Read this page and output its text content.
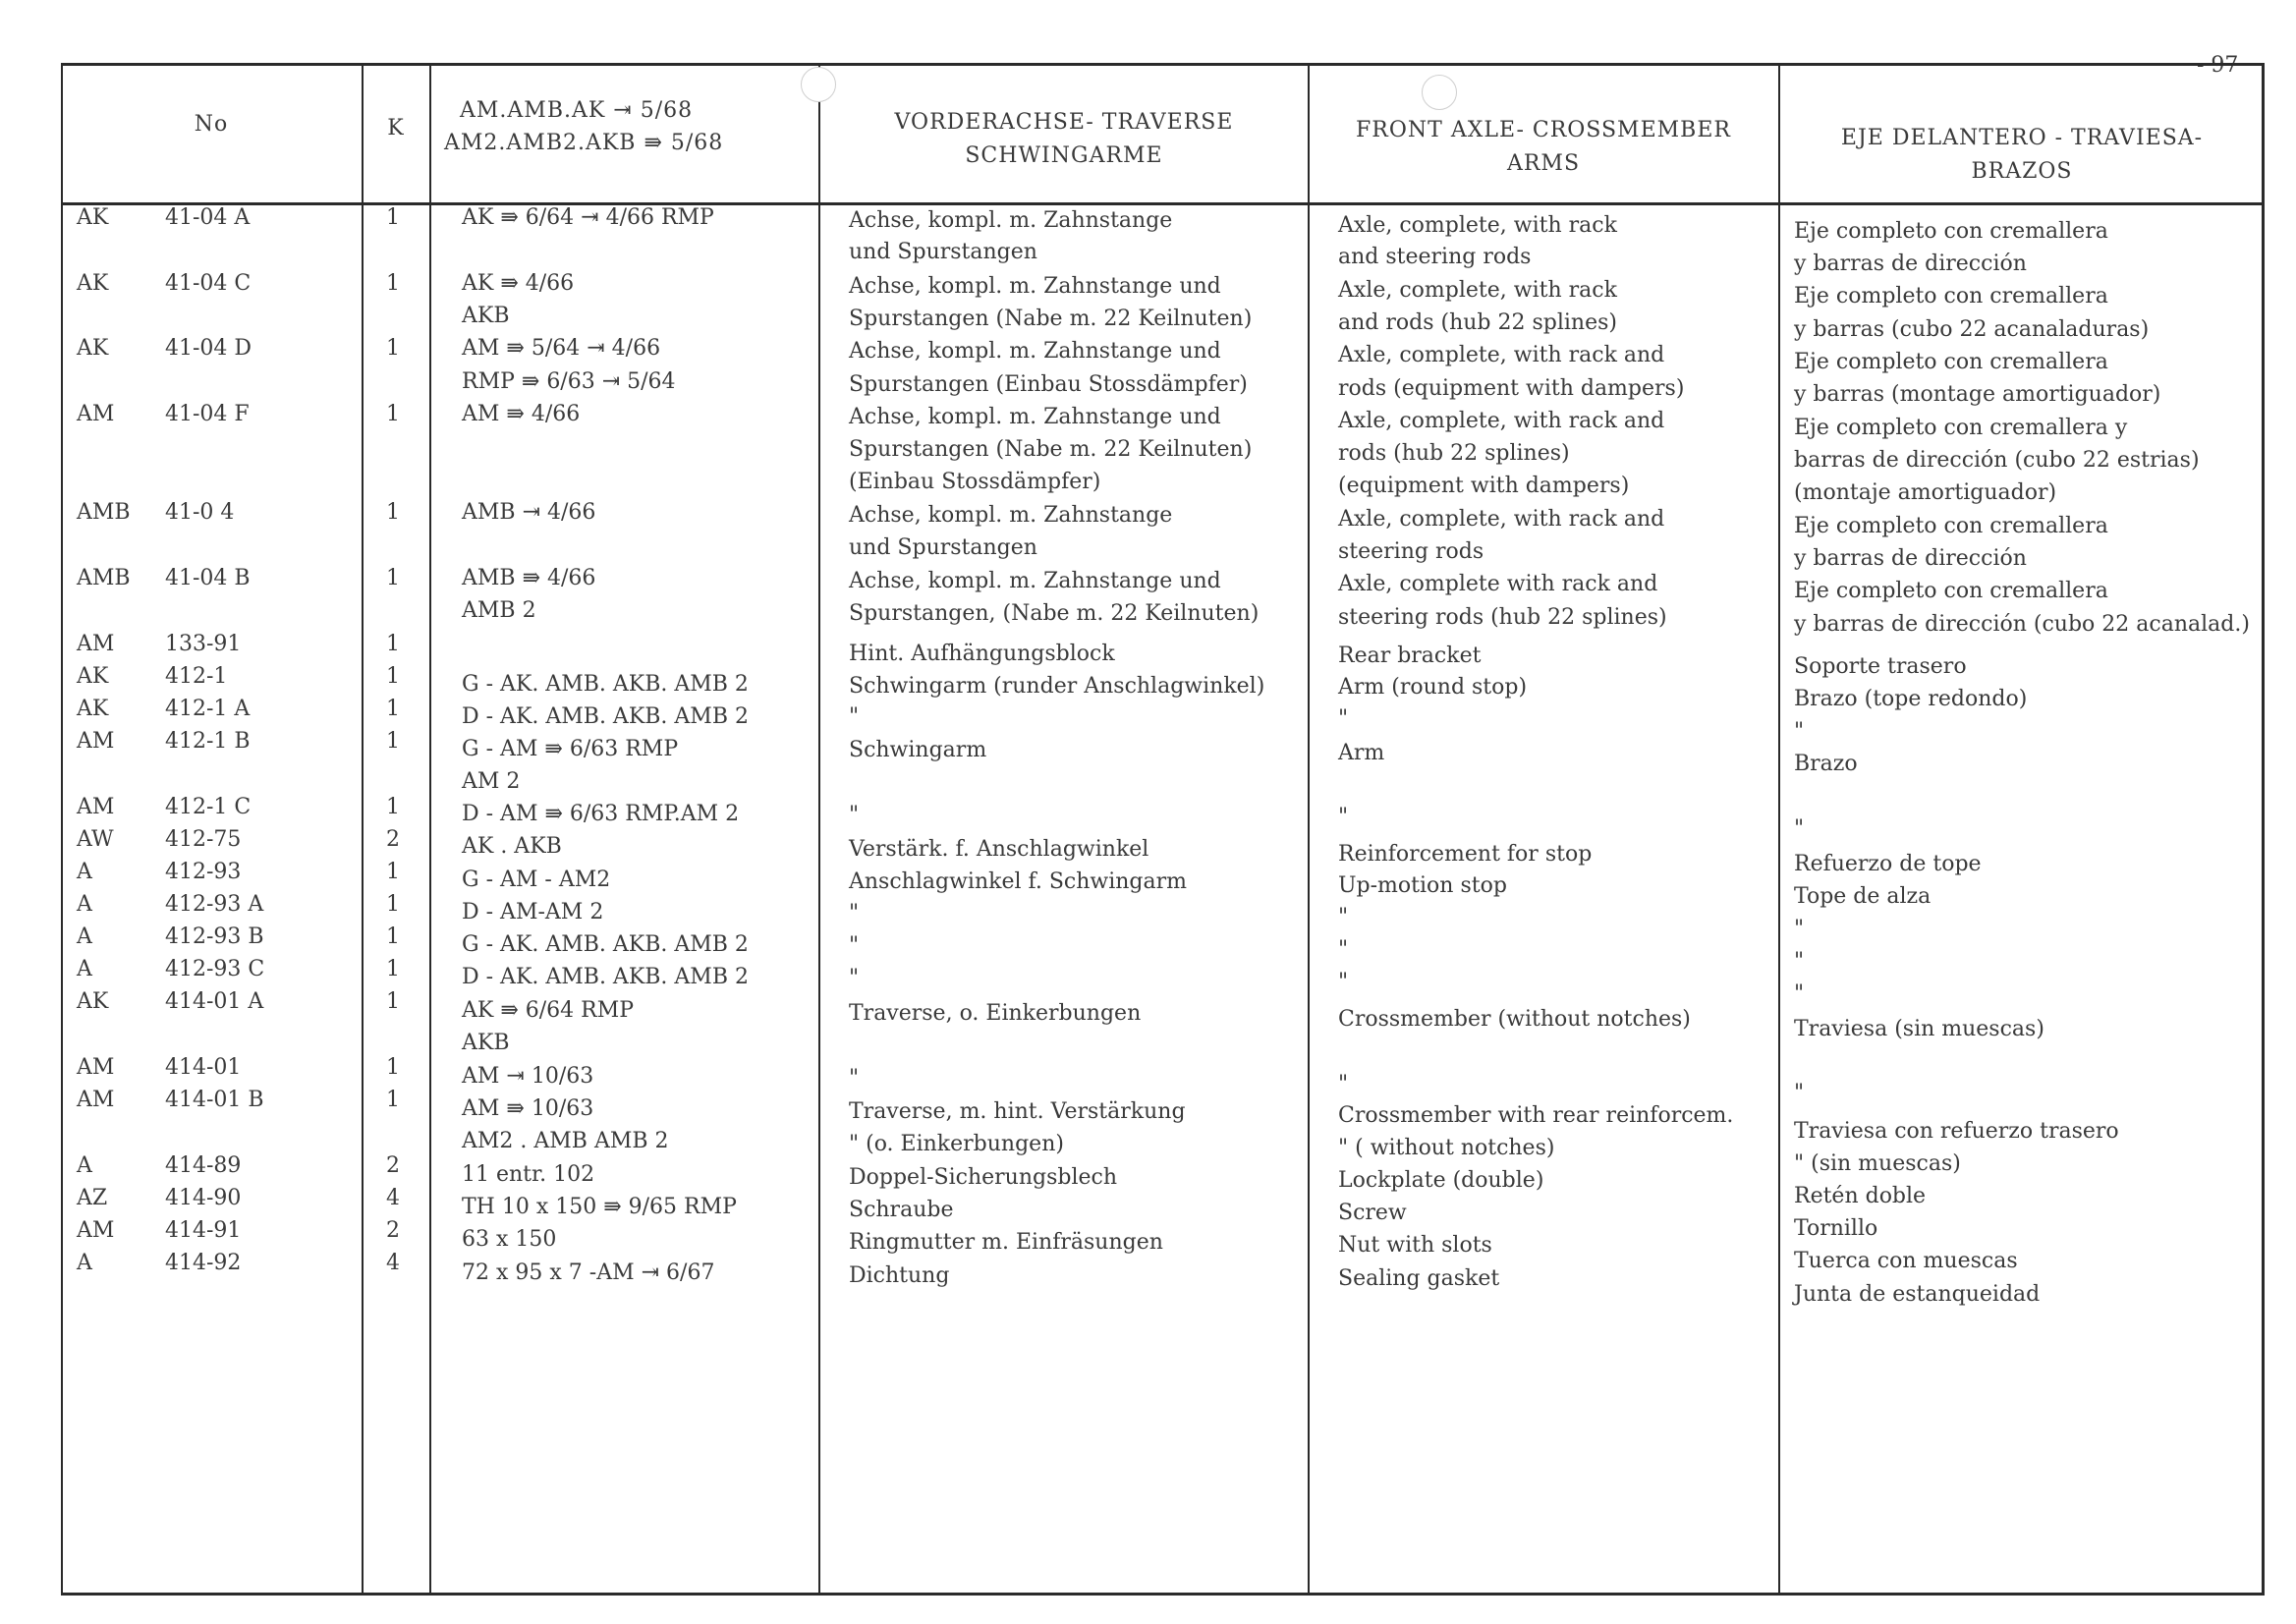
- 97
No	K
AM.AMB.AK ⇥ 5/68
AM2.AMB2.AKB ⇛ 5/68
VORDERACHSE- TRAVERSE
SCHWINGARME
FRONT AXLE- CROSSMEMBER
ARMS
EJE DELANTERO - TRAVIESA-
BRAZOS
AK
AK
AK
AM
AMB
AMB
AM
AK
AK
AM
AM
AW
A
A
A
A
AK
AM
AM
A
AZ
AM
A
41-04 A
41-04 C
41-04 D
41-04 F
41-0 4
41-04 B
133-91
412-1
412-1 A
412-1 B
412-1 C
412-75
412-93
412-93 A
412-93 B
412-93 C
414-01 A
414-01
414-01 B
414-89
414-90
414-91
414-92
1
1
1
1
1
1
1
1
1
1
1
2
1
1
1
1
1
1
1
2
4
2
4
AK ⇛ 6/64 ⇥ 4/66 RMP
AK ⇛ 4/66
AKB
AM ⇛ 5/64 ⇥ 4/66
RMP ⇛ 6/63 ⇥ 5/64
AM ⇛ 4/66
AMB ⇥ 4/66
AMB ⇛ 4/66
AMB 2
G - AK. AMB. AKB. AMB 2
D - AK. AMB. AKB. AMB 2
G - AM ⇛ 6/63 RMP
AM 2
D - AM ⇛ 6/63 RMP.AM 2
AK . AKB
G - AM - AM2
D - AM-AM 2
G - AK. AMB. AKB. AMB 2
D - AK. AMB. AKB. AMB 2
AK ⇛ 6/64 RMP
AKB
AM ⇥ 10/63
AM ⇛ 10/63
AM2 . AMB AMB 2
11 entr. 102
TH 10 x 150 ⇛ 9/65 RMP
63 x 150
72 x 95 x 7 -AM ⇥ 6/67
Achse, kompl. m. Zahnstange
und Spurstangen
Achse, kompl. m. Zahnstange und
Spurstangen (Nabe m. 22 Keilnuten)
Achse, kompl. m. Zahnstange und
Spurstangen (Einbau Stossdämpfer)
Achse, kompl. m. Zahnstange und
Spurstangen (Nabe m. 22 Keilnuten)
(Einbau Stossdämpfer)
Achse, kompl. m. Zahnstange
und Spurstangen
Achse, kompl. m. Zahnstange und
Spurstangen, (Nabe m. 22 Keilnuten)
Hint. Aufhängungsblock
Schwingarm (runder Anschlagwinkel)
"
Schwingarm
"
Verstärk. f. Anschlagwinkel
Anschlagwinkel f. Schwingarm
"
"
"
Traverse, o. Einkerbungen
"
Traverse, m. hint. Verstärkung
" (o. Einkerbungen)
Doppel-Sicherungsblech
Schraube
Ringmutter m. Einfräsungen
Dichtung
Axle, complete, with rack
and steering rods
Axle, complete, with rack
and rods (hub 22 splines)
Axle, complete, with rack and
rods (equipment with dampers)
Axle, complete, with rack and
rods (hub 22 splines)
(equipment with dampers)
Axle, complete, with rack and
steering rods
Axle, complete with rack and
steering rods (hub 22 splines)
Rear bracket
Arm (round stop)
"
Arm
"
Reinforcement for stop
Up-motion stop
"
"
"
Crossmember (without notches)
"
Crossmember with rear reinforcem.
" ( without notches)
Lockplate (double)
Screw
Nut with slots
Sealing gasket
Eje completo con cremallera
y barras de dirección
Eje completo con cremallera
y barras (cubo 22 acanaladuras)
Eje completo con cremallera
y barras (montage amortiguador)
Eje completo con cremallera y
barras de dirección (cubo 22 estrias)
(montaje amortiguador)
Eje completo con cremallera
y barras de dirección
Eje completo con cremallera
y barras de dirección (cubo 22 acanalad.)
Soporte trasero
Brazo (tope redondo)
"
Brazo
"
Refuerzo de tope
Tope de alza
"
"
"
Traviesa (sin muescas)
"
Traviesa con refuerzo trasero
" (sin muescas)
Retén doble
Tornillo
Tuerca con muescas
Junta de estanqueidad
